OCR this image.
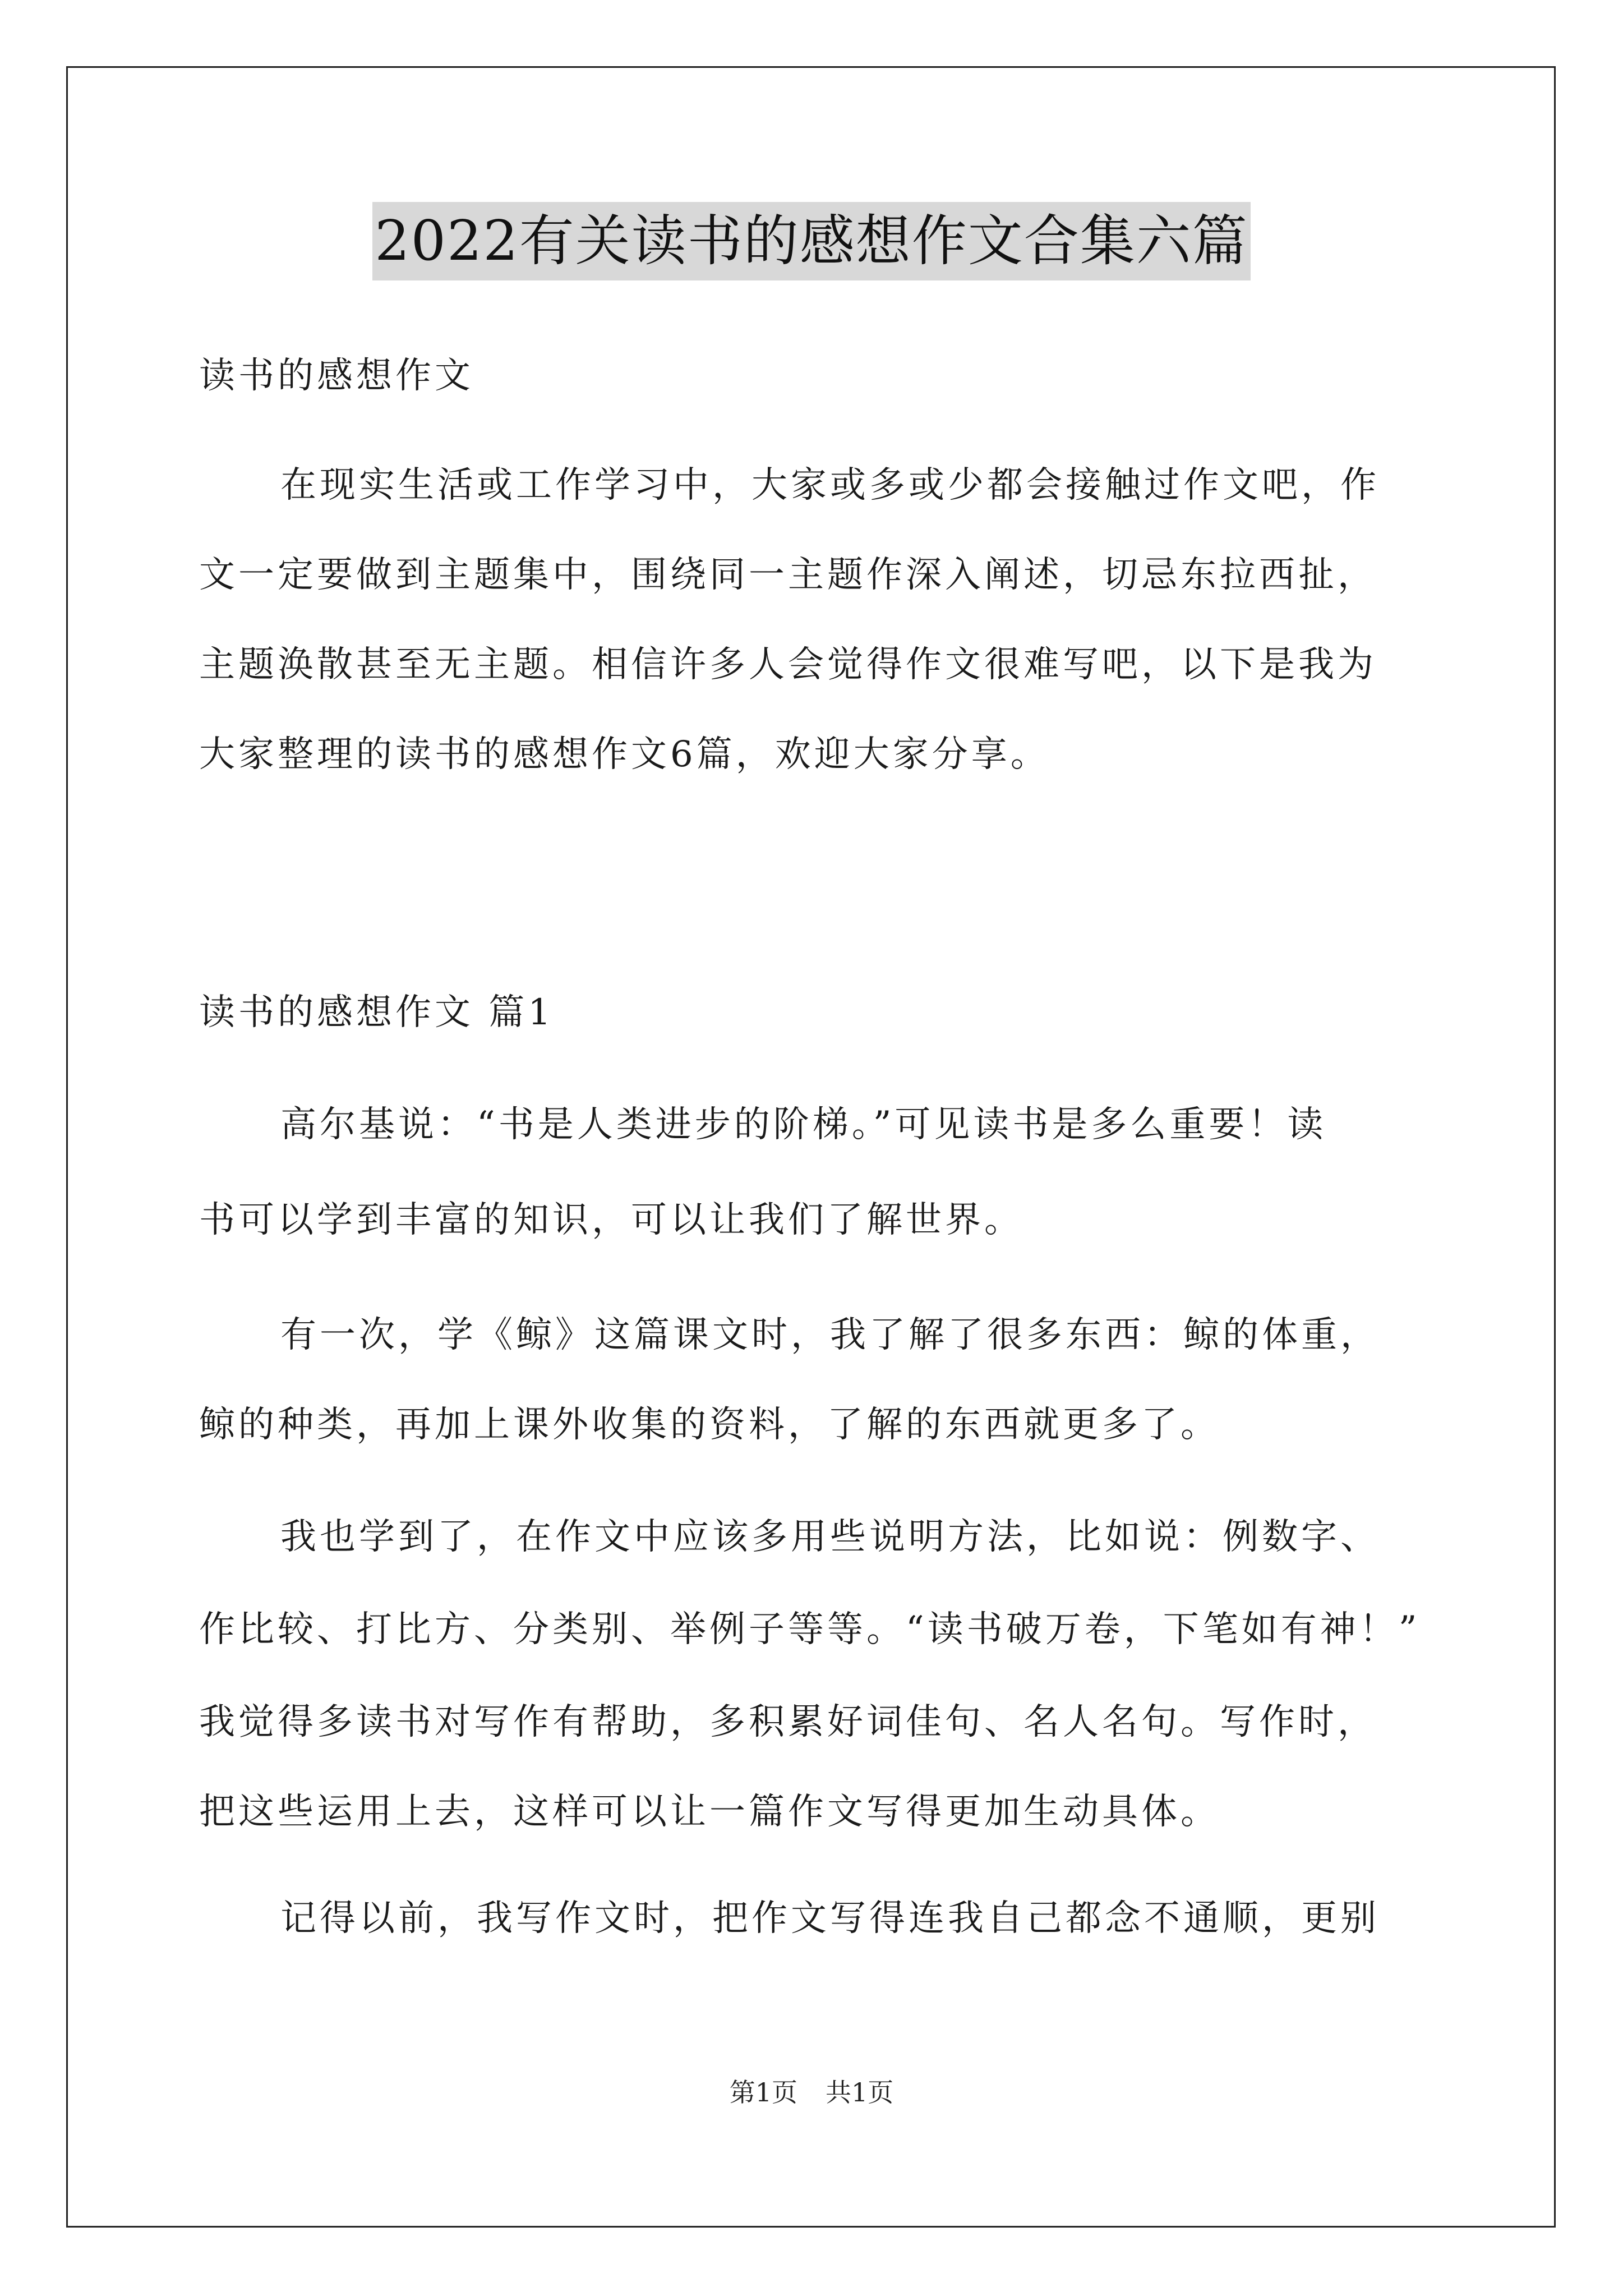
2022有关读书的感想作文合集六篇
读书的感想作文
在现实生活或工作学习中，大家或多或少都会接触过作文吧，作
文一定要做到主题集中，围绕同一主题作深入阐述，切忌东拉西扯，
主题涣散甚至无主题。相信许多人会觉得作文很难写吧，以下是我为
大家整理的读书的感想作文6篇，欢迎大家分享。
读书的感想作文 篇1
高尔基说：“书是人类进步的阶梯。”可见读书是多么重要！读
书可以学到丰富的知识，可以让我们了解世界。
有一次，学《鲸》这篇课文时，我了解了很多东西：鲸的体重，
鲸的种类，再加上课外收集的资料，了解的东西就更多了。
我也学到了，在作文中应该多用些说明方法，比如说：例数字、
作比较、打比方、分类别、举例子等等。“读书破万卷，下笔如有神！”
我觉得多读书对写作有帮助，多积累好词佳句、名人名句。写作时，
把这些运用上去，这样可以让一篇作文写得更加生动具体。
记得以前，我写作文时，把作文写得连我自己都念不通顺，更别
第1页 共1页
